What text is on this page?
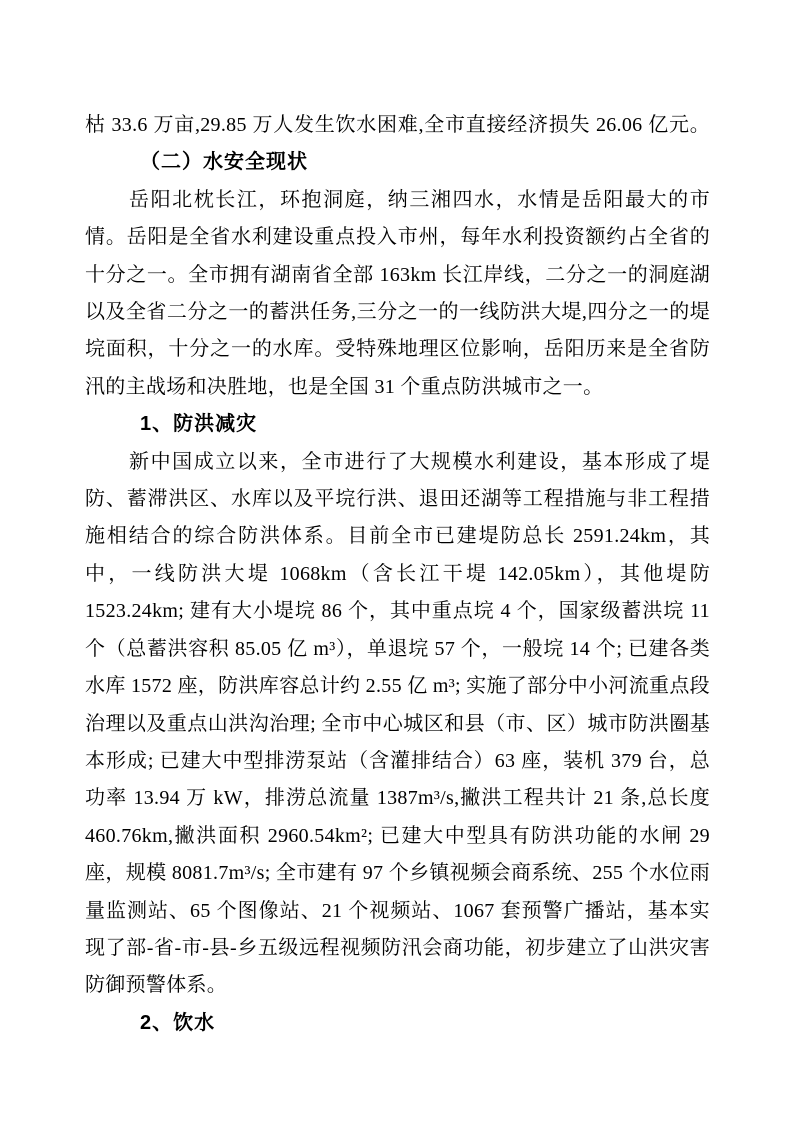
枯 33.6 万亩,29.85 万人发生饮水困难,全市直接经济损失 26.06 亿元。

（二）水安全现状

岳阳北枕长江，环抱洞庭，纳三湘四水，水情是岳阳最大的市情。岳阳是全省水利建设重点投入市州，每年水利投资额约占全省的十分之一。全市拥有湖南省全部 163km 长江岸线，二分之一的洞庭湖以及全省二分之一的蓄洪任务,三分之一的一线防洪大堤,四分之一的堤垸面积，十分之一的水库。受特殊地理区位影响，岳阳历来是全省防汛的主战场和决胜地，也是全国 31 个重点防洪城市之一。

1、防洪减灾

新中国成立以来，全市进行了大规模水利建设，基本形成了堤防、蓄滞洪区、水库以及平垸行洪、退田还湖等工程措施与非工程措施相结合的综合防洪体系。目前全市已建堤防总长 2591.24km，其中，一线防洪大堤 1068km（含长江干堤 142.05km），其他堤防 1523.24km; 建有大小堤垸 86 个，其中重点垸 4 个，国家级蓄洪垸 11 个（总蓄洪容积 85.05 亿 m³），单退垸 57 个，一般垸 14 个; 已建各类水库 1572 座，防洪库容总计约 2.55 亿 m³; 实施了部分中小河流重点段治理以及重点山洪沟治理; 全市中心城区和县（市、区）城市防洪圈基本形成; 已建大中型排涝泵站（含灌排结合）63 座，装机 379 台，总功率 13.94 万 kW，排涝总流量 1387m³/s,撇洪工程共计 21 条,总长度 460.76km,撇洪面积 2960.54km²; 已建大中型具有防洪功能的水闸 29 座，规模 8081.7m³/s; 全市建有 97 个乡镇视频会商系统、255 个水位雨量监测站、65 个图像站、21 个视频站、1067 套预警广播站，基本实现了部-省-市-县-乡五级远程视频防汛会商功能，初步建立了山洪灾害防御预警体系。

2、饮水
